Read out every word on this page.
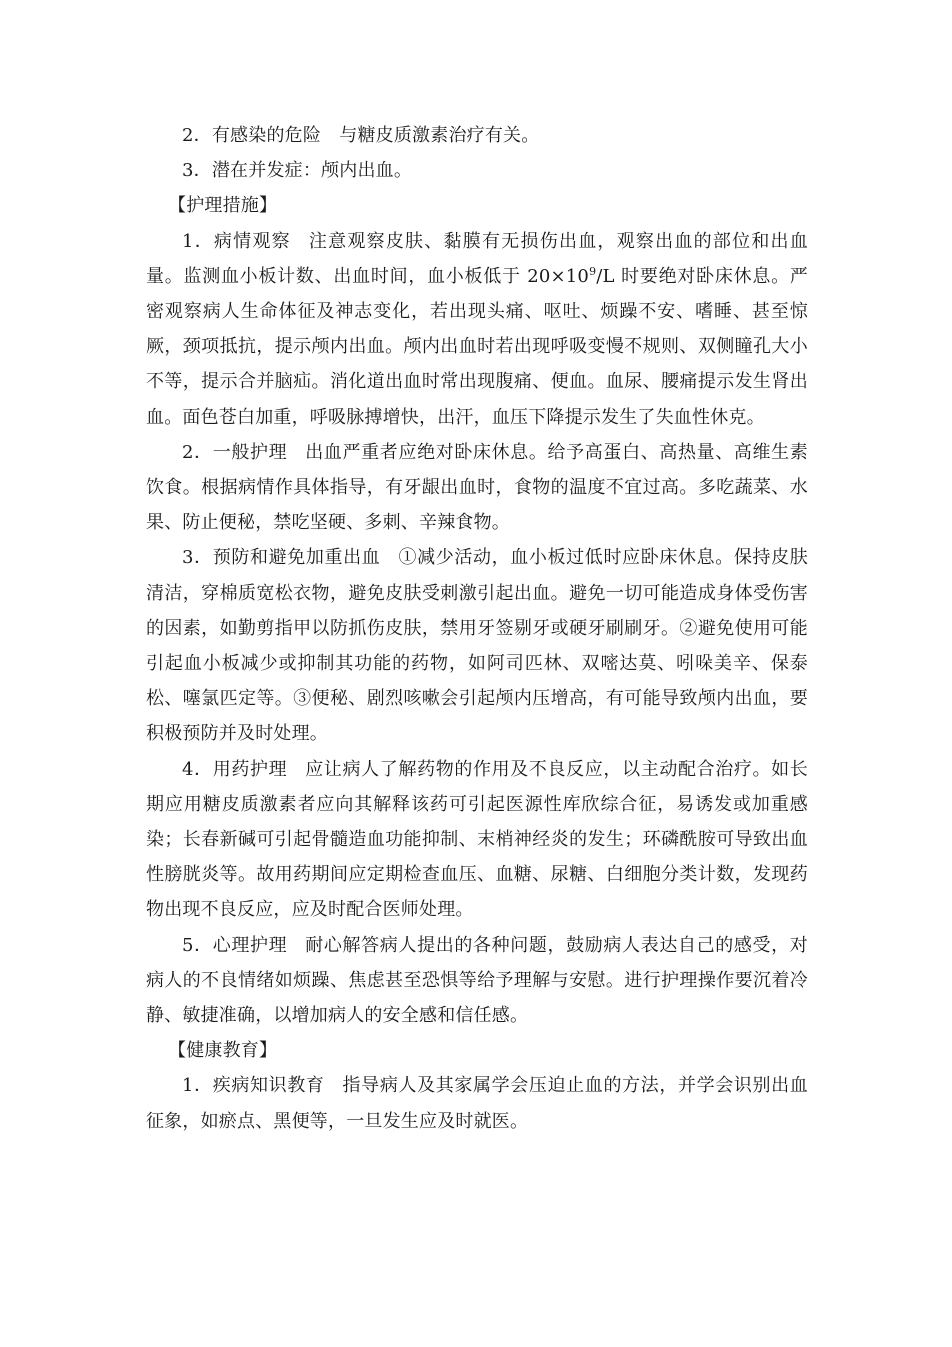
2．有感染的危险　与糖皮质激素治疗有关。

3．潜在并发症：颅内出血。

【护理措施】

1．病情观察 注意观察皮肤、黏膜有无损伤出血，观察出血的部位和出血量。监测血小板计数、出血时间，血小板低于 $20\times 10^9/L$ 时要绝对卧床休息。严密观察病人生命体征及神志变化，若出现头痛、呕吐、烦躁不安、嗜睡、甚至惊厥，颈项抵抗，提示颅内出血。颅内出血时若出现呼吸变慢不规则、双侧瞳孔大小不等，提示合并脑疝。消化道出血时常出现腹痛、便血。血尿、腰痛提示发生肾出血。面色苍白加重，呼吸脉搏增快，出汗，血压下降提示发生了失血性休克。

2．一般护理 出血严重者应绝对卧床休息。给予高蛋白、高热量、高维生素饮食。根据病情作具体指导，有牙龈出血时，食物的温度不宜过高。多吃蔬菜、水果、防止便秘，禁吃坚硬、多刺、辛辣食物。

3．预防和避免加重出血 ①减少活动，血小板过低时应卧床休息。保持皮肤清洁，穿棉质宽松衣物，避免皮肤受刺激引起出血。避免一切可能造成身体受伤害的因素，如勤剪指甲以防抓伤皮肤，禁用牙签剔牙或硬牙刷刷牙。②避免使用可能引起血小板减少或抑制其功能的药物，如阿司匹林、双嘧达莫、吲哚美辛、保泰松、噻氯匹定等。③便秘、剧烈咳嗽会引起颅内压增高，有可能导致颅内出血，要积极预防并及时处理。

4．用药护理 应让病人了解药物的作用及不良反应，以主动配合治疗。如长期应用糖皮质激素者应向其解释该药可引起医源性库欣综合征，易诱发或加重感染；长春新碱可引起骨髓造血功能抑制、末梢神经炎的发生；环磷酰胺可导致出血性膀胱炎等。故用药期间应定期检查血压、血糖、尿糖、白细胞分类计数，发现药物出现不良反应，应及时配合医师处理。

5．心理护理 耐心解答病人提出的各种问题，鼓励病人表达自己的感受，对病人的不良情绪如烦躁、焦虑甚至恐惧等给予理解与安慰。进行护理操作要沉着冷静、敏捷准确，以增加病人的安全感和信任感。

【健康教育】

1．疾病知识教育 指导病人及其家属学会压迫止血的方法，并学会识别出血征象，如瘀点、黑便等，一旦发生应及时就医。
